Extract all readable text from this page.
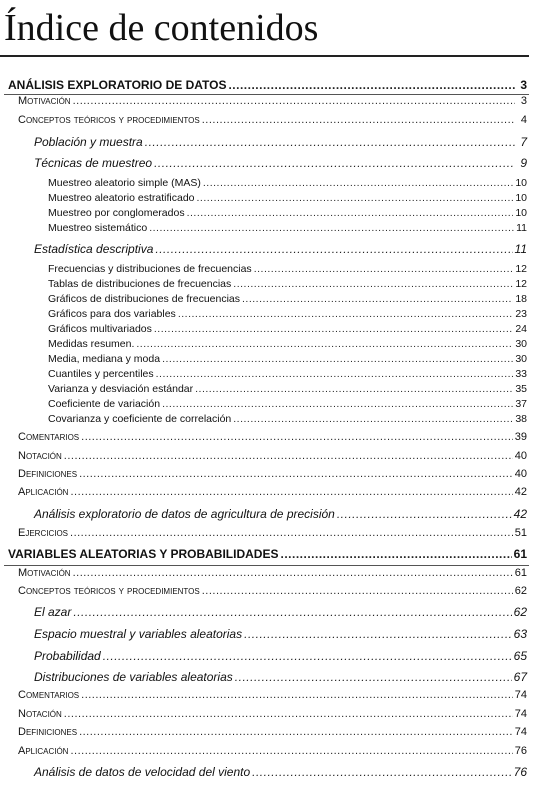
Índice de contenidos
ANÁLISIS EXPLORATORIO DE DATOS .....	3
Motivación .....	3
Conceptos teóricos y procedimientos .....	4
Población y muestra .....	7
Técnicas de muestreo .....	9
Muestreo aleatorio simple (MAS) .....	10
Muestreo aleatorio estratificado .....	10
Muestreo por conglomerados .....	10
Muestreo sistemático .....	11
Estadística descriptiva .....	11
Frecuencias y distribuciones de frecuencias .....	12
Tablas de distribuciones de frecuencias .....	12
Gráficos de distribuciones de frecuencias .....	18
Gráficos para dos variables .....	23
Gráficos multivariados .....	24
Medidas resumen. .....	30
Media, mediana y moda .....	30
Cuantiles y percentiles .....	33
Varianza y desviación estándar .....	35
Coeficiente de variación .....	37
Covarianza y coeficiente de correlación .....	38
Comentarios .....	39
Notación .....	40
Definiciones .....	40
Aplicación .....	42
Análisis exploratorio de datos de agricultura de precisión .....	42
Ejercicios .....	51
VARIABLES ALEATORIAS Y PROBABILIDADES .....	61
Motivación .....	61
Conceptos teóricos y procedimientos .....	62
El azar .....	62
Espacio muestral y variables aleatorias .....	63
Probabilidad .....	65
Distribuciones de variables aleatorias .....	67
Comentarios .....	74
Notación .....	74
Definiciones .....	74
Aplicación .....	76
Análisis de datos de velocidad del viento .....	76
